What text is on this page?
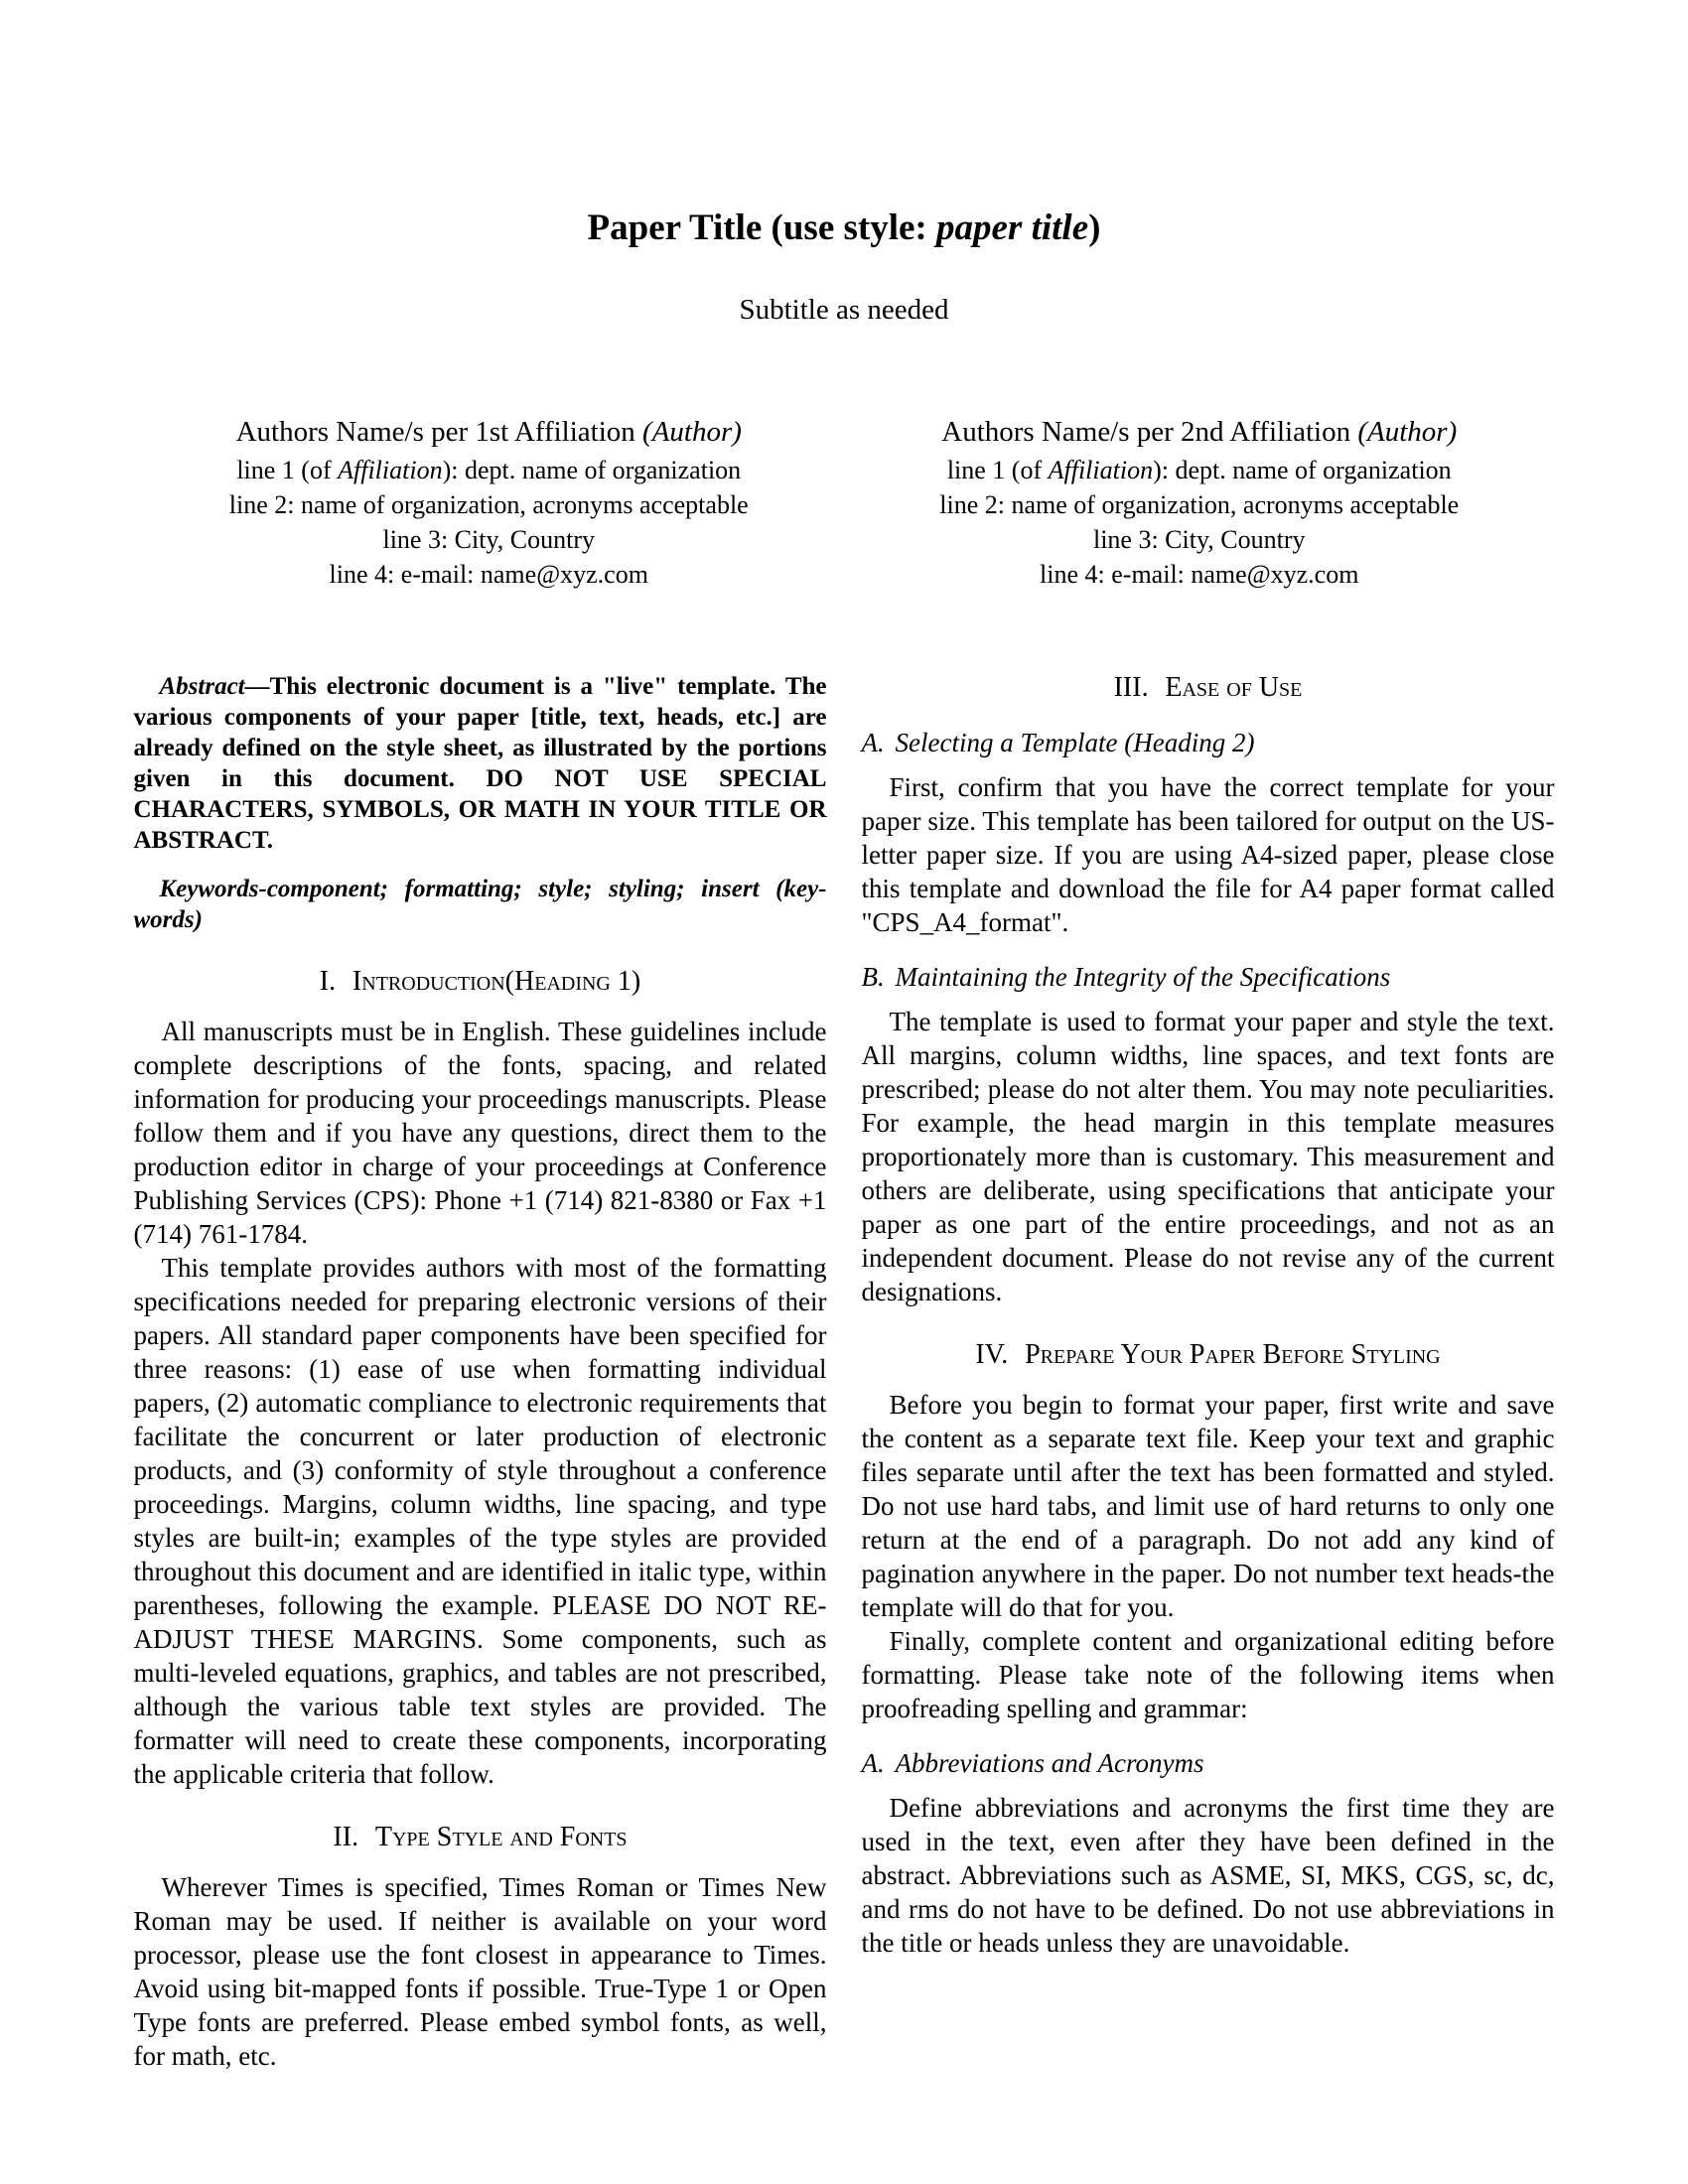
Paper Title (use style: paper title)
Subtitle as needed
Authors Name/s per 1st Affiliation (Author)
line 1 (of Affiliation): dept. name of organization
line 2: name of organization, acronyms acceptable
line 3: City, Country
line 4: e-mail: name@xyz.com
Authors Name/s per 2nd Affiliation (Author)
line 1 (of Affiliation): dept. name of organization
line 2: name of organization, acronyms acceptable
line 3: City, Country
line 4: e-mail: name@xyz.com

Abstract—This electronic document is a "live" template. The various components of your paper [title, text, heads, etc.] are already defined on the style sheet, as illustrated by the portions given in this document. DO NOT USE SPECIAL CHARACTERS, SYMBOLS, OR MATH IN YOUR TITLE OR ABSTRACT.

Keywords-component; formatting; style; styling; insert (key-words)

I. Introduction(Heading 1)

All manuscripts must be in English. These guidelines include complete descriptions of the fonts, spacing, and related information for producing your proceedings manuscripts. Please follow them and if you have any questions, direct them to the production editor in charge of your proceedings at Conference Publishing Services (CPS): Phone +1 (714) 821-8380 or Fax +1 (714) 761-1784.

This template provides authors with most of the formatting specifications needed for preparing electronic versions of their papers. All standard paper components have been specified for three reasons: (1) ease of use when formatting individual papers, (2) automatic compliance to electronic requirements that facilitate the concurrent or later production of electronic products, and (3) conformity of style throughout a conference proceedings. Margins, column widths, line spacing, and type styles are built-in; examples of the type styles are provided throughout this document and are identified in italic type, within parentheses, following the example. PLEASE DO NOT RE-ADJUST THESE MARGINS. Some components, such as multi-leveled equations, graphics, and tables are not prescribed, although the various table text styles are provided. The formatter will need to create these components, incorporating the applicable criteria that follow.

II. Type Style and Fonts

Wherever Times is specified, Times Roman or Times New Roman may be used. If neither is available on your word processor, please use the font closest in appearance to Times. Avoid using bit-mapped fonts if possible. True-Type 1 or Open Type fonts are preferred. Please embed symbol fonts, as well, for math, etc.

III. Ease of Use
A. Selecting a Template (Heading 2)

First, confirm that you have the correct template for your paper size. This template has been tailored for output on the US-letter paper size. If you are using A4-sized paper, please close this template and download the file for A4 paper format called "CPS_A4_format".

B. Maintaining the Integrity of the Specifications

The template is used to format your paper and style the text. All margins, column widths, line spaces, and text fonts are prescribed; please do not alter them. You may note peculiarities. For example, the head margin in this template measures proportionately more than is customary. This measurement and others are deliberate, using specifications that anticipate your paper as one part of the entire proceedings, and not as an independent document. Please do not revise any of the current designations.

IV. Prepare Your Paper Before Styling

Before you begin to format your paper, first write and save the content as a separate text file. Keep your text and graphic files separate until after the text has been formatted and styled. Do not use hard tabs, and limit use of hard returns to only one return at the end of a paragraph. Do not add any kind of pagination anywhere in the paper. Do not number text heads-the template will do that for you.

Finally, complete content and organizational editing before formatting. Please take note of the following items when proofreading spelling and grammar:

A. Abbreviations and Acronyms

Define abbreviations and acronyms the first time they are used in the text, even after they have been defined in the abstract. Abbreviations such as ASME, SI, MKS, CGS, sc, dc, and rms do not have to be defined. Do not use abbreviations in the title or heads unless they are unavoidable.
